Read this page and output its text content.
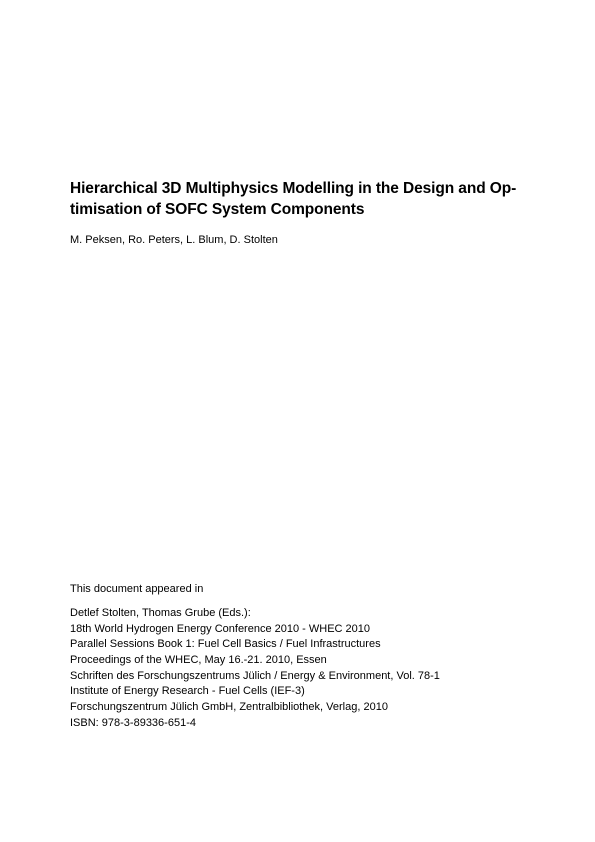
Hierarchical 3D Multiphysics Modelling in the Design and Op-
timisation of SOFC System Components
M. Peksen, Ro. Peters, L. Blum, D. Stolten
This document appeared in
Detlef Stolten, Thomas Grube (Eds.):
18th World Hydrogen Energy Conference 2010 - WHEC 2010
Parallel Sessions Book 1: Fuel Cell Basics / Fuel Infrastructures
Proceedings of the WHEC, May 16.-21. 2010, Essen
Schriften des Forschungszentrums Jülich / Energy & Environment, Vol. 78-1
Institute of Energy Research - Fuel Cells (IEF-3)
Forschungszentrum Jülich GmbH, Zentralbibliothek, Verlag, 2010
ISBN: 978-3-89336-651-4
